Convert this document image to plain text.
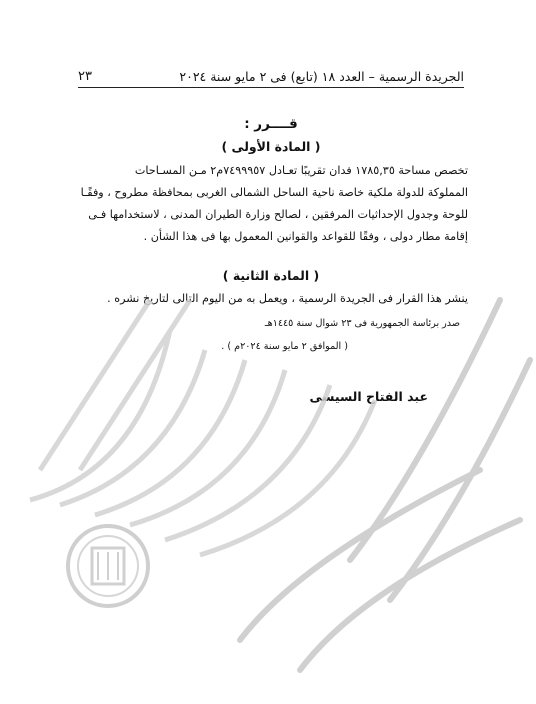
الجريدة الرسمية – العدد ١٨ (تابع) فى ٢ مايو سنة ٢٠٢٤
٢٣
قــــرر :
( المادة الأولى )
تخصص مساحة ١٧٨٥,٣٥ فدان تقريبًا تعـادل ٧٤٩٩٩٥٧م٢ مـن المسـاحات
المملوكة للدولة ملكية خاصة ناحية الساحل الشمالى الغربى بمحافظة مطروح ، وفقًـا
للوحة وجدول الإحداثيات المرفقين ، لصالح وزارة الطيران المدنى ، لاستخدامها فـى
إقامة مطار دولى ، وفقًا للقواعد والقوانين المعمول بها فى هذا الشأن .
( المادة الثانية )
ينشر هذا القرار فى الجريدة الرسمية ، ويعمل به من اليوم التالى لتاريخ نشره .
صدر برئاسة الجمهورية فى ٢٣ شوال سنة ١٤٤٥هـ
( الموافق ٢ مايو سنة ٢٠٢٤م ) .
عبد الفتاح السيسى
